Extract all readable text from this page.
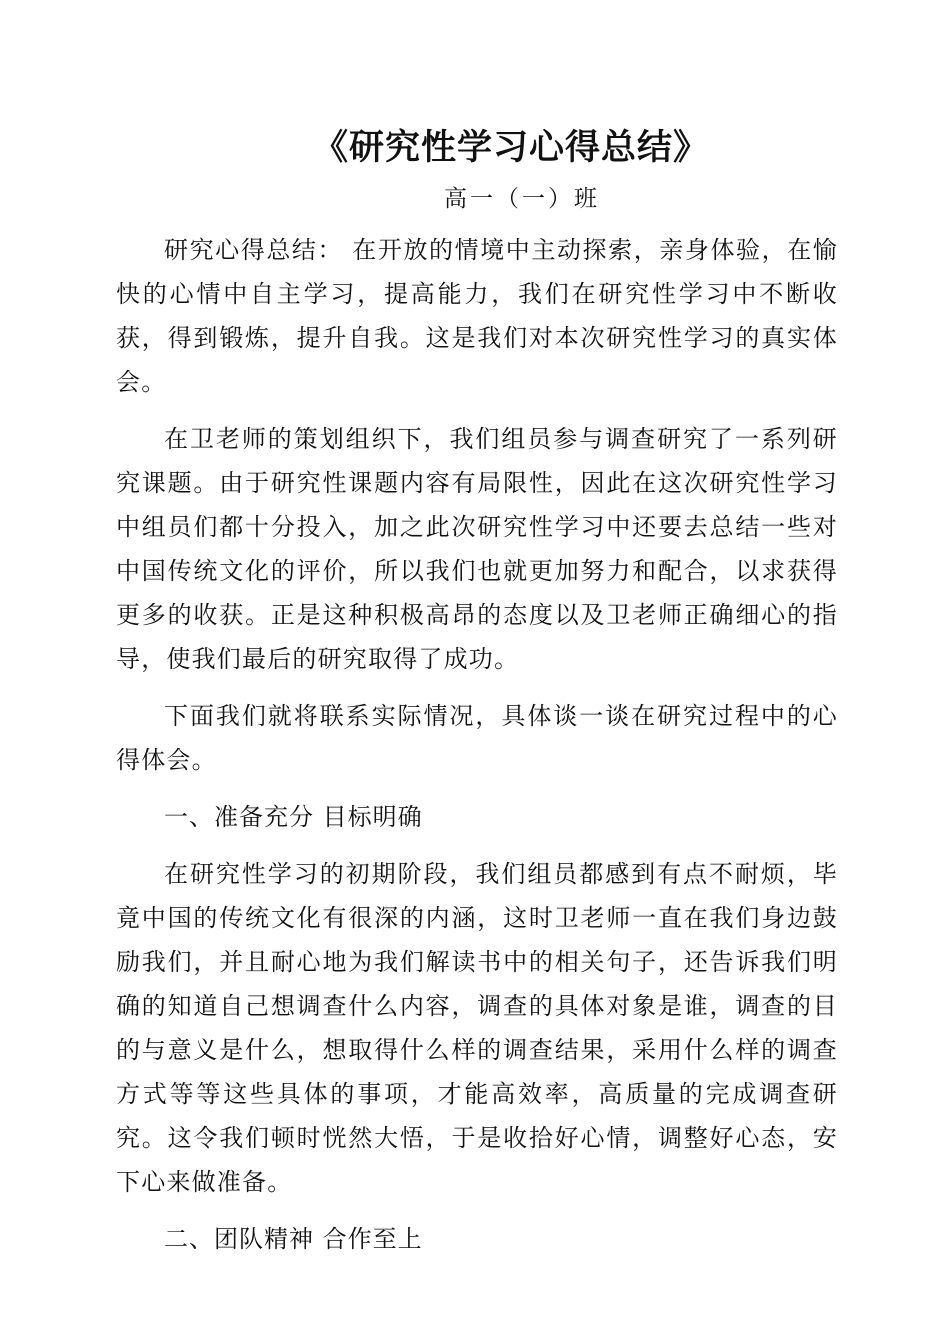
《研究性学习心得总结》
高一（一）班

研究心得总结： 在开放的情境中主动探索，亲身体验，在愉快的心情中自主学习，提高能力，我们在研究性学习中不断收获，得到锻炼，提升自我。这是我们对本次研究性学习的真实体会。

在卫老师的策划组织下，我们组员参与调查研究了一系列研究课题。由于研究性课题内容有局限性，因此在这次研究性学习中组员们都十分投入，加之此次研究性学习中还要去总结一些对中国传统文化的评价，所以我们也就更加努力和配合，以求获得更多的收获。正是这种积极高昂的态度以及卫老师正确细心的指导，使我们最后的研究取得了成功。

下面我们就将联系实际情况，具体谈一谈在研究过程中的心得体会。

一、准备充分 目标明确

在研究性学习的初期阶段，我们组员都感到有点不耐烦，毕竟中国的传统文化有很深的内涵，这时卫老师一直在我们身边鼓励我们，并且耐心地为我们解读书中的相关句子，还告诉我们明确的知道自己想调查什么内容，调查的具体对象是谁，调查的目的与意义是什么，想取得什么样的调查结果，采用什么样的调查方式等等这些具体的事项，才能高效率，高质量的完成调查研究。这令我们顿时恍然大悟，于是收拾好心情，调整好心态，安下心来做准备。

二、团队精神 合作至上
